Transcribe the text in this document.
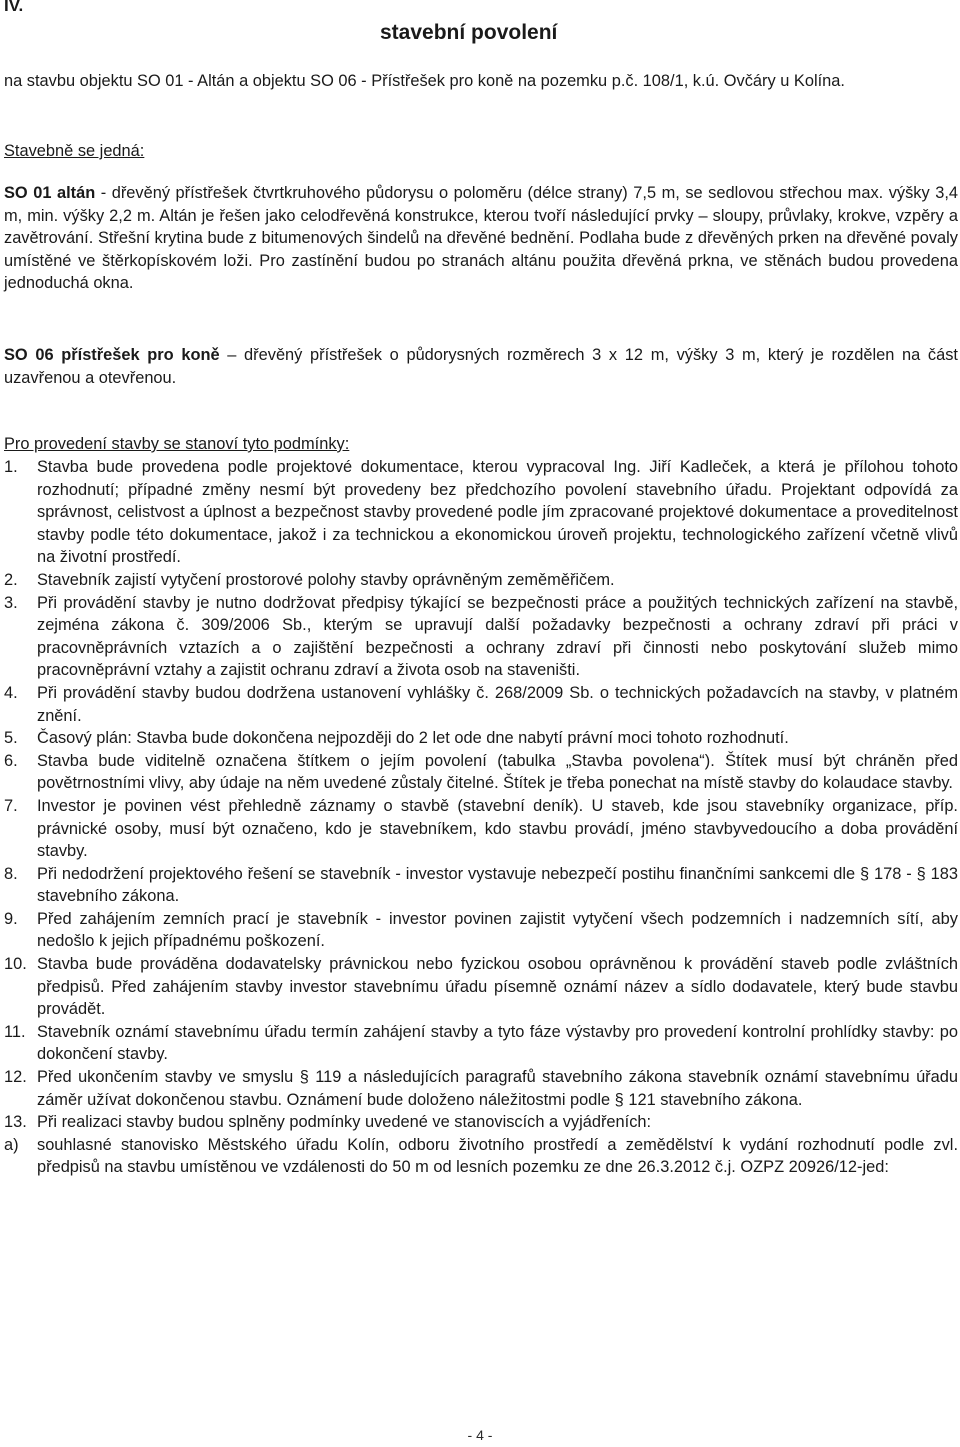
IV.
stavební povolení
na stavbu objektu SO 01 - Altán a objektu SO 06 - Přístřešek pro koně na pozemku p.č. 108/1, k.ú. Ovčáry u Kolína.
Stavebně se jedná:
SO 01 altán - dřevěný přístřešek čtvrtkruhového půdorysu o poloměru (délce strany) 7,5 m, se sedlovou střechou max. výšky 3,4 m, min. výšky 2,2 m. Altán je řešen jako celodřevěná konstrukce, kterou tvoří následující prvky – sloupy, průvlaky, krokve, vzpěry a zavětrování. Střešní krytina bude z bitumenových šindelů na dřevěné bednění. Podlaha bude z dřevěných prken na dřevěné povaly umístěné ve štěrkopískovém loži. Pro zastínění budou po stranách altánu použita dřevěná prkna, ve stěnách budou provedena jednoduchá okna.
SO 06 přístřešek pro koně – dřevěný přístřešek o půdorysných rozměrech 3 x 12 m, výšky 3 m, který je rozdělen na část uzavřenou a otevřenou.
Pro provedení stavby se stanoví tyto podmínky:
1. Stavba bude provedena podle projektové dokumentace, kterou vypracoval Ing. Jiří Kadleček, a která je přílohou tohoto rozhodnutí; případné změny nesmí být provedeny bez předchozího povolení stavebního úřadu. Projektant odpovídá za správnost, celistvost a úplnost a bezpečnost stavby provedené podle jím zpracované projektové dokumentace a proveditelnost stavby podle této dokumentace, jakož i za technickou a ekonomickou úroveň projektu, technologického zařízení včetně vlivů na životní prostředí.
2. Stavebník zajistí vytyčení prostorové polohy stavby oprávněným zeměměřičem.
3. Při provádění stavby je nutno dodržovat předpisy týkající se bezpečnosti práce a použitých technických zařízení na stavbě, zejména zákona č. 309/2006 Sb., kterým se upravují další požadavky bezpečnosti a ochrany zdraví při práci v pracovněprávních vztazích a o zajištění bezpečnosti a ochrany zdraví při činnosti nebo poskytování služeb mimo pracovněprávní vztahy a zajistit ochranu zdraví a života osob na staveništi.
4. Při provádění stavby budou dodržena ustanovení vyhlášky č. 268/2009 Sb. o technických požadavcích na stavby, v platném znění.
5. Časový plán: Stavba bude dokončena nejpozději do 2 let ode dne nabytí právní moci tohoto rozhodnutí.
6. Stavba bude viditelně označena štítkem o jejím povolení (tabulka „Stavba povolena“). Štítek musí být chráněn před povětrnostními vlivy, aby údaje na něm uvedené zůstaly čitelné. Štítek je třeba ponechat na místě stavby do kolaudace stavby.
7. Investor je povinen vést přehledně záznamy o stavbě (stavební deník). U staveb, kde jsou stavebníky organizace, příp. právnické osoby, musí být označeno, kdo je stavebníkem, kdo stavbu provádí, jméno stavbyvedoucího a doba provádění stavby.
8. Při nedodržení projektového řešení se stavebník - investor vystavuje nebezpečí postihu finančními sankcemi dle § 178 - § 183 stavebního zákona.
9. Před zahájením zemních prací je stavebník - investor povinen zajistit vytyčení všech podzemních i nadzemních sítí, aby nedošlo k jejich případnému poškození.
10. Stavba bude prováděna dodavatelsky právnickou nebo fyzickou osobou oprávněnou k provádění staveb podle zvláštních předpisů. Před zahájením stavby investor stavebnímu úřadu písemně oznámí název a sídlo dodavatele, který bude stavbu provádět.
11. Stavebník oznámí stavebnímu úřadu termín zahájení stavby a tyto fáze výstavby pro provedení kontrolní prohlídky stavby: po dokončení stavby.
12. Před ukončením stavby ve smyslu § 119 a následujících paragrafů stavebního zákona stavebník oznámí stavebnímu úřadu záměr užívat dokončenou stavbu. Oznámení bude doloženo náležitostmi podle § 121 stavebního zákona.
13. Při realizaci stavby budou splněny podmínky uvedené ve stanoviscích a vyjádřeních:
a) souhlasné stanovisko Městského úřadu Kolín, odboru životního prostředí a zemědělství k vydání rozhodnutí podle zvl. předpisů na stavbu umístěnou ve vzdálenosti do 50 m od lesních pozemku ze dne 26.3.2012 č.j. OZPZ 20926/12-jed:
- 4 -
